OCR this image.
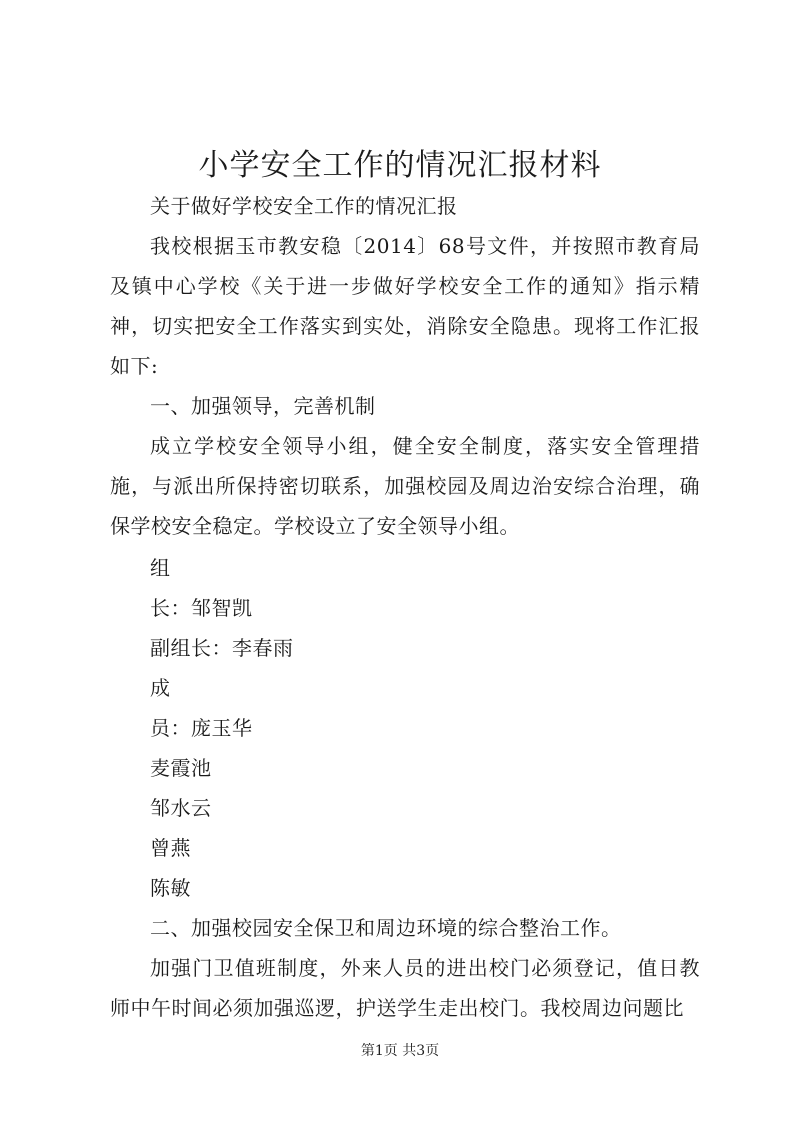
小学安全工作的情况汇报材料

关于做好学校安全工作的情况汇报

我校根据玉市教安稳〔2014〕68号文件，并按照市教育局及镇中心学校《关于进一步做好学校安全工作的通知》指示精神，切实把安全工作落实到实处，消除安全隐患。现将工作汇报如下:

一、加强领导，完善机制

成立学校安全领导小组，健全安全制度，落实安全管理措施，与派出所保持密切联系，加强校园及周边治安综合治理，确保学校安全稳定。学校设立了安全领导小组。

组

长：邹智凯

副组长：李春雨

成

员：庞玉华

麦霞池

邹水云

曾燕

陈敏

二、加强校园安全保卫和周边环境的综合整治工作。

加强门卫值班制度，外来人员的进出校门必须登记，值日教师中午时间必须加强巡逻，护送学生走出校门。我校周边问题比

第1页 共3页
